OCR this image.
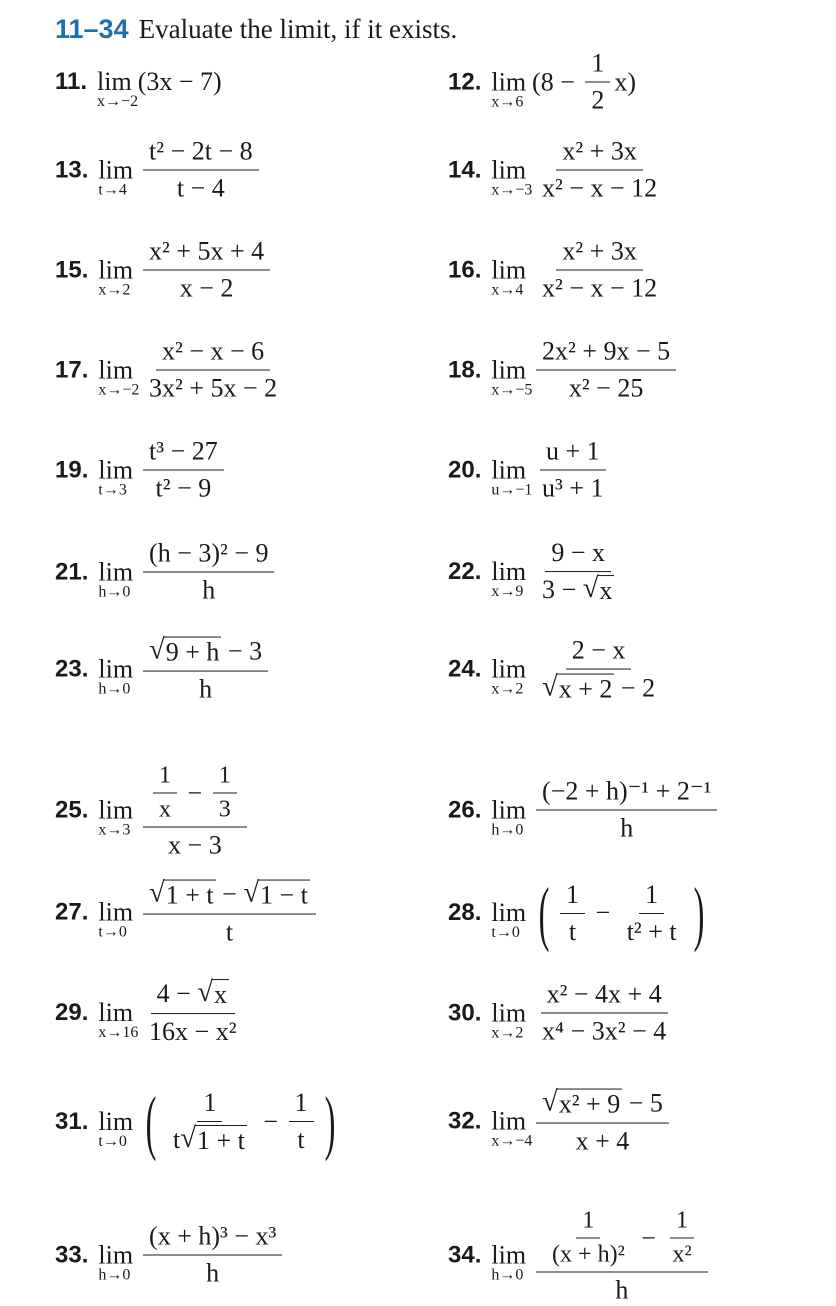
11–34 Evaluate the limit, if it exists.
11. lim
x→−2
(3x − 7)	12. lim
x→6
$(8 - \frac{1}{2} x)$
13. lim
$t\to 4 \frac{\text{t² − 2t − 8}}{t - 4}$	14. lim
$x\to-3 \frac{\text{x² + 3x}}{\text{x² − x − 12}}$
15. lim
$x\to 2 \frac{\text{x² + 5x + 4}}{x - 2}$	16. lim
$x\to 4 \frac{\text{x² + 3x}}{\text{x² − x − 12}}$
17. lim
$x\to-2 \frac{\text{x² − x − 6}}{\text{3x² + 5x − 2}}$	18. lim
$x\to-5 \frac{\text{2x² + 9x − 5}}{\text{x² − 25}}$
19. lim
$t\to 3 \frac{\text{t³ − 27}}{\text{t² − 9}}$	20. lim
$u\to-1 \frac{u + 1}{\text{u³ + 1}}$
21. lim
$h\to 0 \frac{\text{(h − 3)² − 9}}{h}$	22. lim
$x\to 9 \frac{9 - x}{3 - √ x}$
23. lim
$h\to 0 \frac{√ 9 + h - 3}{h}$	24. lim
$x\to 2 \frac{2 - x}{√ x + 2 - 2}$
25. lim
$x\to 3 \frac{\frac{1}{x} - \frac{1}{3}}{x - 3}$	26. lim
$h\to 0 \frac{\text{(−2 + h)⁻¹ + 2⁻¹}}{h}$
27. lim
$t\to 0 \frac{√ 1 + t - √ 1 - t}{t}$	28. lim
t→0 ( $\frac{1}{t} - \frac{1}{\text{t² + t}}$ )
29. lim
$x\to 16 \frac{4 - √ x}{\text{16x − x²}}$	30. lim
$x\to 2 \frac{\text{x² − 4x + 4}}{\text{x⁴ − 3x² − 4}}$
31. lim
t→0 ( $\frac{1}{t √ 1 + t} - \frac{1}{t}$ )	32. lim
$x\to-4 \frac{\text{√ x² + 9 − 5}}{x + 4}$
33. lim
$h\to 0 \frac{\text{(x + h)³ − x³}}{h}$	34. lim
$h\to 0 \frac{\frac{1}{\text{(x + h)²}} - \frac{1}{\text{x²}}}{h}$
